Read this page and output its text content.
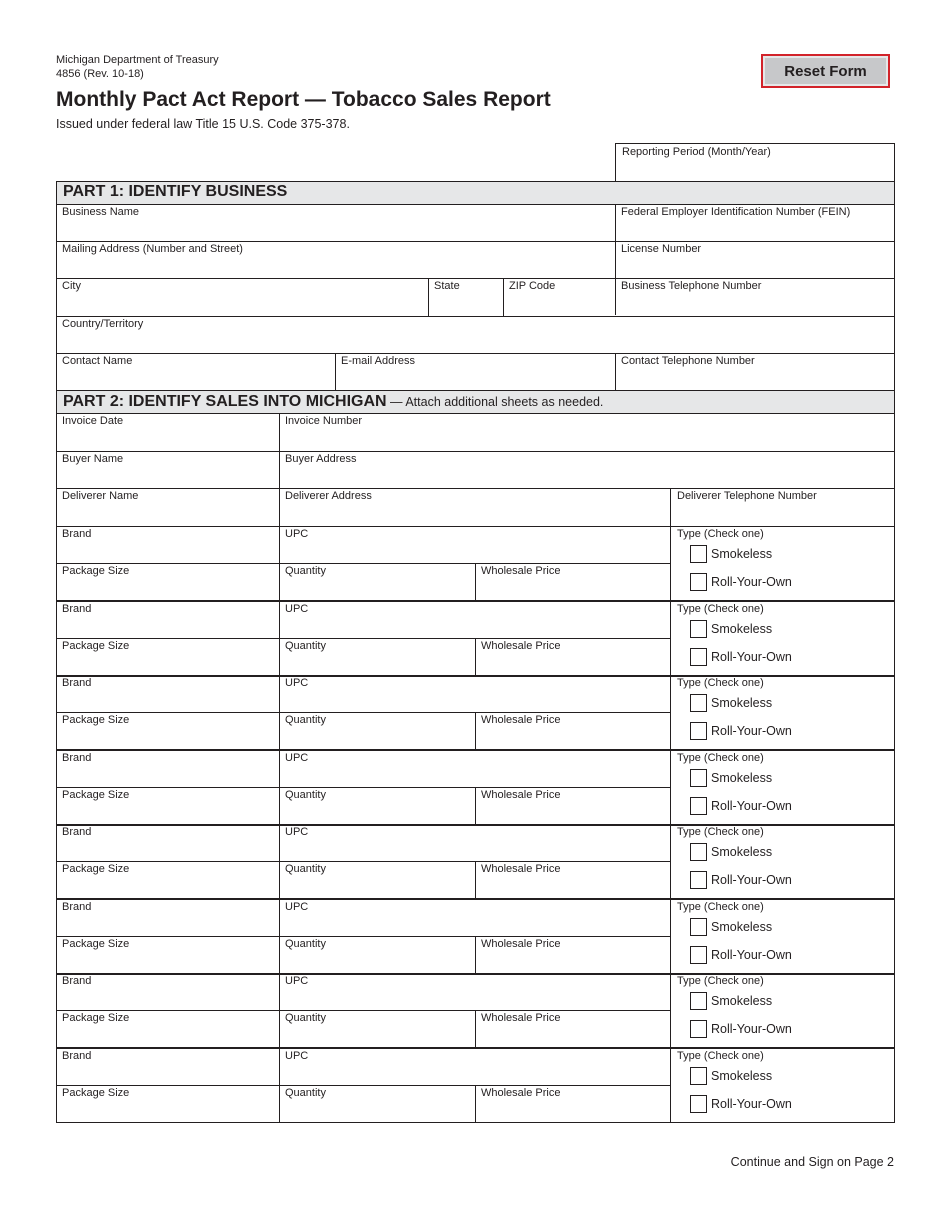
Michigan Department of Treasury
4856 (Rev. 10-18)
Monthly Pact Act Report — Tobacco Sales Report
Issued under federal law Title 15 U.S. Code 375-378.
Reset Form
Reporting Period (Month/Year)
PART 1: IDENTIFY BUSINESS
Business Name	Federal Employer Identification Number (FEIN)
Mailing Address (Number and Street)	License Number
City	State	ZIP Code	Business Telephone Number
Country/Territory
Contact Name	E-mail Address	Contact Telephone Number
PART 2: IDENTIFY SALES INTO MICHIGAN — Attach additional sheets as needed.
Invoice Date	Invoice Number
Buyer Name	Buyer Address
Deliverer Name	Deliverer Address	Deliverer Telephone Number
Brand	UPC	Type (Check one)
Package Size	Quantity	Wholesale Price
Smokeless
Roll-Your-Own
Brand	UPC	Type (Check one)
Package Size	Quantity	Wholesale Price
Smokeless
Roll-Your-Own
Brand	UPC	Type (Check one)
Package Size	Quantity	Wholesale Price
Smokeless
Roll-Your-Own
Brand	UPC	Type (Check one)
Package Size	Quantity	Wholesale Price
Smokeless
Roll-Your-Own
Brand	UPC	Type (Check one)
Package Size	Quantity	Wholesale Price
Smokeless
Roll-Your-Own
Brand	UPC	Type (Check one)
Package Size	Quantity	Wholesale Price
Smokeless
Roll-Your-Own
Brand	UPC	Type (Check one)
Package Size	Quantity	Wholesale Price
Smokeless
Roll-Your-Own
Brand	UPC	Type (Check one)
Package Size	Quantity	Wholesale Price
Smokeless
Roll-Your-Own
Continue and Sign on Page 2
